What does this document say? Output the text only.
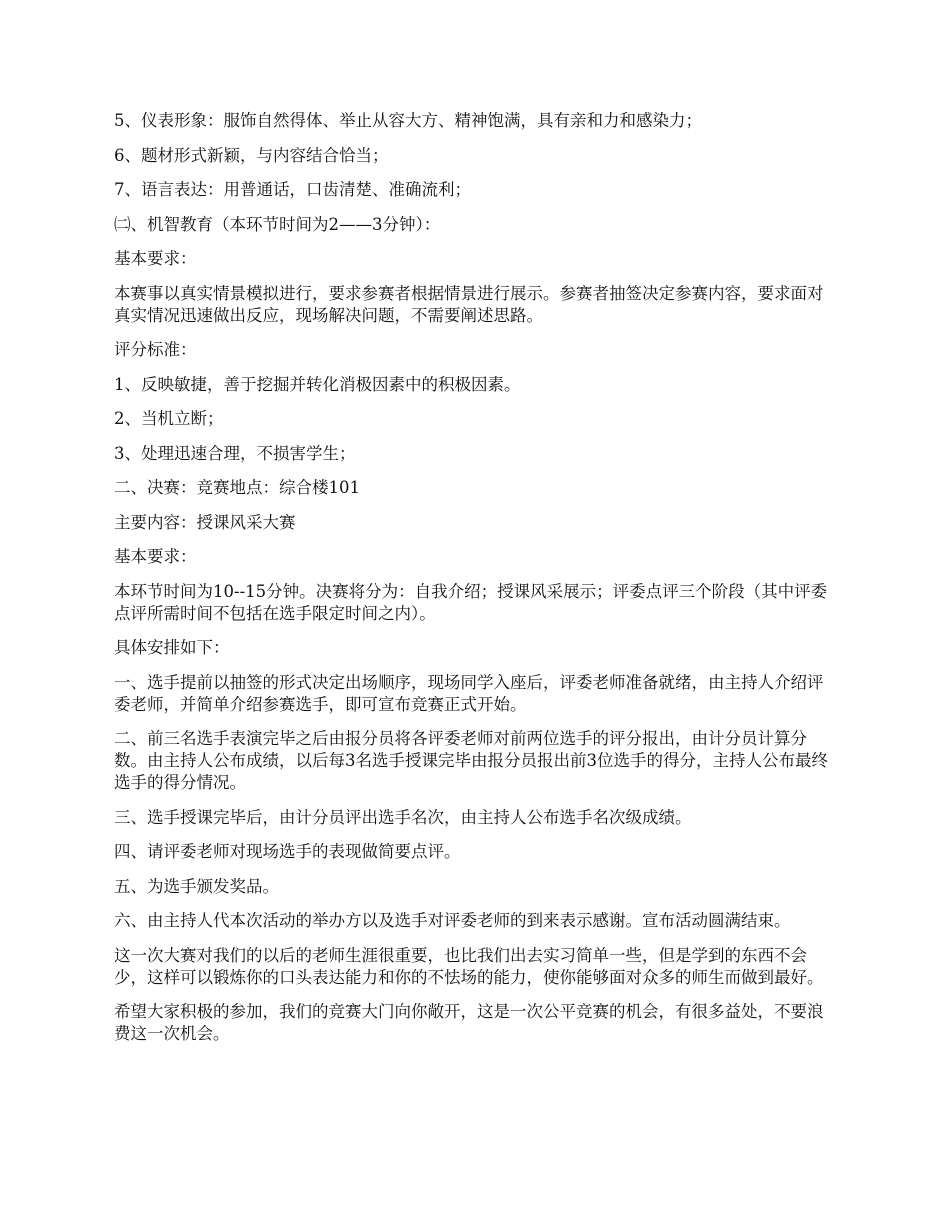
5、仪表形象：服饰自然得体、举止从容大方、精神饱满，具有亲和力和感染力；

6、题材形式新颖，与内容结合恰当；

7、语言表达：用普通话，口齿清楚、准确流利；

㈡、机智教育（本环节时间为2——3分钟）：

基本要求：

本赛事以真实情景模拟进行，要求参赛者根据情景进行展示。参赛者抽签决定参赛内容，要求面对真实情况迅速做出反应，现场解决问题，不需要阐述思路。

评分标准：

1、反映敏捷，善于挖掘并转化消极因素中的积极因素。

2、当机立断；

3、处理迅速合理，不损害学生；

二、决赛：竞赛地点：综合楼101

主要内容：授课风采大赛

基本要求：

本环节时间为10--15分钟。决赛将分为：自我介绍；授课风采展示；评委点评三个阶段（其中评委点评所需时间不包括在选手限定时间之内）。

具体安排如下：

一、选手提前以抽签的形式决定出场顺序，现场同学入座后，评委老师准备就绪，由主持人介绍评委老师，并简单介绍参赛选手，即可宣布竞赛正式开始。

二、前三名选手表演完毕之后由报分员将各评委老师对前两位选手的评分报出，由计分员计算分数。由主持人公布成绩，以后每3名选手授课完毕由报分员报出前3位选手的得分，主持人公布最终选手的得分情况。

三、选手授课完毕后，由计分员评出选手名次，由主持人公布选手名次级成绩。

四、请评委老师对现场选手的表现做简要点评。

五、为选手颁发奖品。

六、由主持人代本次活动的举办方以及选手对评委老师的到来表示感谢。宣布活动圆满结束。

这一次大赛对我们的以后的老师生涯很重要，也比我们出去实习简单一些，但是学到的东西不会少，这样可以锻炼你的口头表达能力和你的不怯场的能力，使你能够面对众多的师生而做到最好。

希望大家积极的参加，我们的竞赛大门向你敞开，这是一次公平竞赛的机会，有很多益处，不要浪费这一次机会。
